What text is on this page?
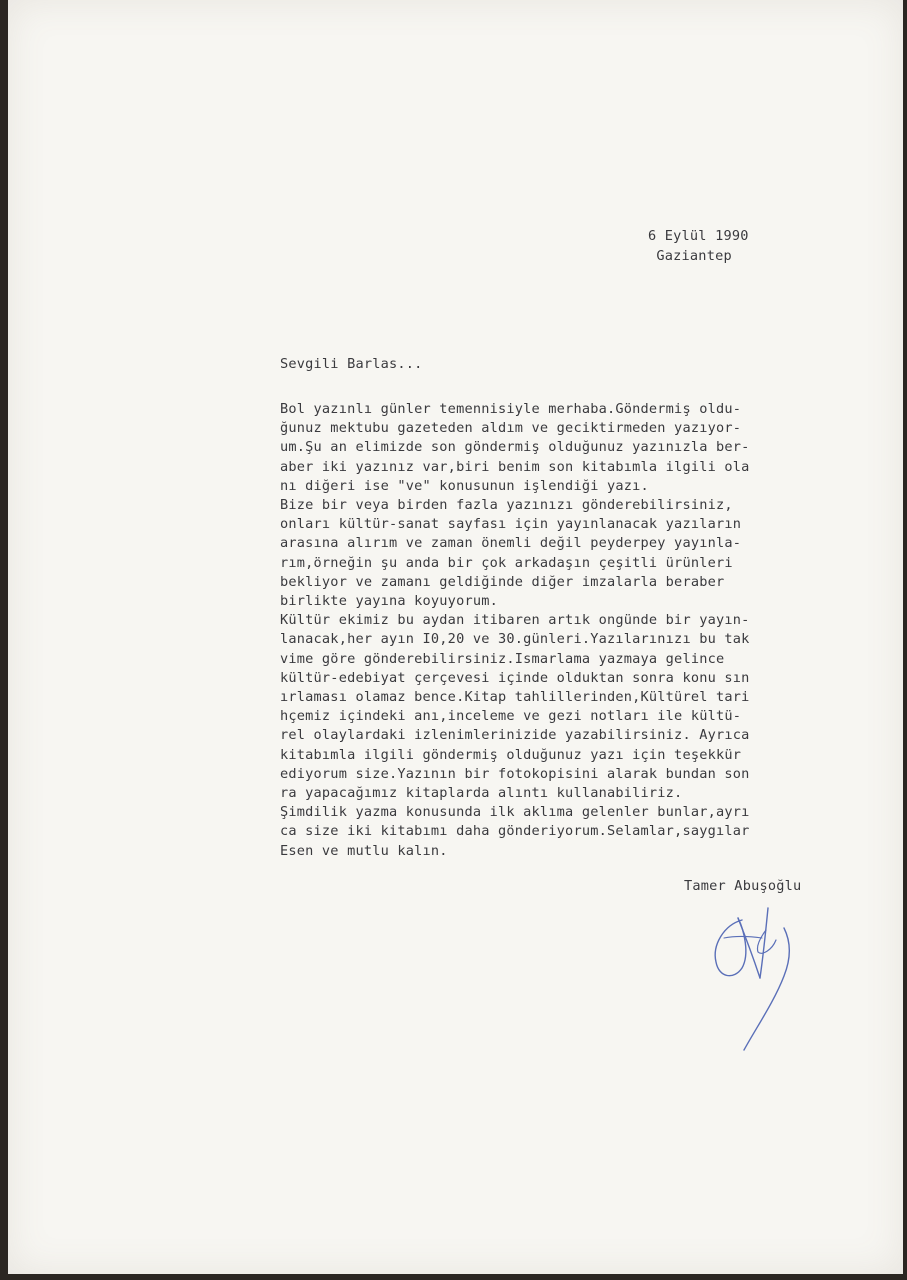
6 Eylül 1990
Gaziantep
Sevgili Barlas...
Bol yazınlı günler temennisiyle merhaba.Göndermiş oldu-
ğunuz mektubu gazeteden aldım ve geciktirmeden yazıyor-
um.Şu an elimizde son göndermiş olduğunuz yazınızla ber-
aber iki yazınız var,biri benim son kitabımla ilgili ola
nı diğeri ise "ve" konusunun işlendiği yazı.
Bize bir veya birden fazla yazınızı gönderebilirsiniz,
onları kültür-sanat sayfası için yayınlanacak yazıların
arasına alırım ve zaman önemli değil peyderpey yayınla-
rım,örneğin şu anda bir çok arkadaşın çeşitli ürünleri
bekliyor ve zamanı geldiğinde diğer imzalarla beraber
birlikte yayına koyuyorum.
Kültür ekimiz bu aydan itibaren artık ongünde bir yayın-
lanacak,her ayın I0,20 ve 30.günleri.Yazılarınızı bu tak
vime göre gönderebilirsiniz.Ismarlama yazmaya gelince
kültür-edebiyat çerçevesi içinde olduktan sonra konu sın
ırlaması olamaz bence.Kitap tahlillerinden,Kültürel tari
hçemiz içindeki anı,inceleme ve gezi notları ile kültü-
rel olaylardaki izlenimlerinizide yazabilirsiniz. Ayrıca
kitabımla ilgili göndermiş olduğunuz yazı için teşekkür
ediyorum size.Yazının bir fotokopisini alarak bundan son
ra yapacağımız kitaplarda alıntı kullanabiliriz.
Şimdilik yazma konusunda ilk aklıma gelenler bunlar,ayrı
ca size iki kitabımı daha gönderiyorum.Selamlar,saygılar
Esen ve mutlu kalın.
Tamer Abuşoğlu
